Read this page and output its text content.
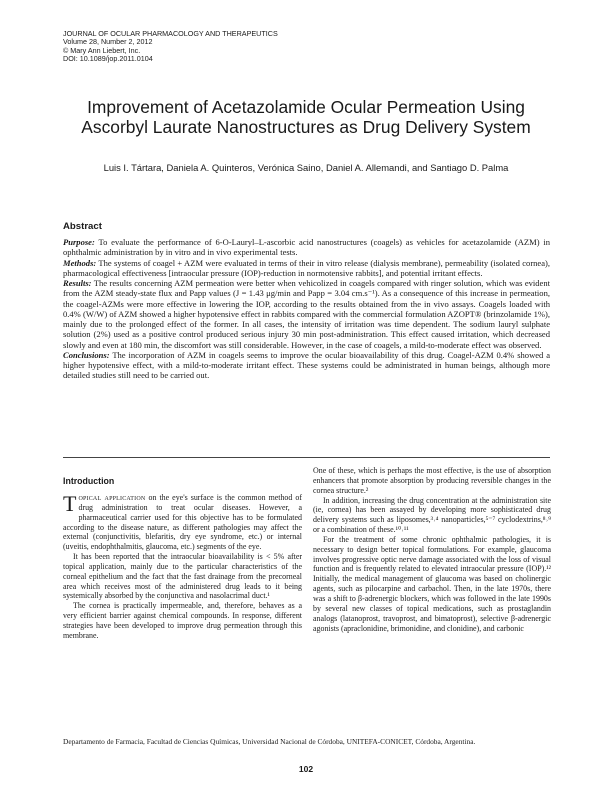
JOURNAL OF OCULAR PHARMACOLOGY AND THERAPEUTICS
Volume 28, Number 2, 2012
© Mary Ann Liebert, Inc.
DOI: 10.1089/jop.2011.0104
Improvement of Acetazolamide Ocular Permeation Using
Ascorbyl Laurate Nanostructures as Drug Delivery System
Luis I. Tártara, Daniela A. Quinteros, Verónica Saino, Daniel A. Allemandi, and Santiago D. Palma
Abstract

Purpose: To evaluate the performance of 6-O-Lauryl–L-ascorbic acid nanostructures (coagels) as vehicles for acetazolamide (AZM) in ophthalmic administration by in vitro and in vivo experimental tests.

Methods: The systems of coagel + AZM were evaluated in terms of their in vitro release (dialysis membrane), permeability (isolated cornea), pharmacological effectiveness [intraocular pressure (IOP)-reduction in normotensive rabbits], and potential irritant effects.

Results: The results concerning AZM permeation were better when vehicolized in coagels compared with ringer solution, which was evident from the AZM steady-state flux and Papp values (J = 1.43 μg/min and Papp = 3.04 cm.s⁻¹). As a consequence of this increase in permeation, the coagel-AZMs were more effective in lowering the IOP, according to the results obtained from the in vivo assays. Coagels loaded with 0.4% (W/W) of AZM showed a higher hypotensive effect in rabbits compared with the commercial formulation AZOPT® (brinzolamide 1%), mainly due to the prolonged effect of the former. In all cases, the intensity of irritation was time dependent. The sodium lauryl sulphate solution (2%) used as a positive control produced serious injury 30 min post-administration. This effect caused irritation, which decreased slowly and even at 180 min, the discomfort was still considerable. However, in the case of coagels, a mild-to-moderate effect was observed.

Conclusions: The incorporation of AZM in coagels seems to improve the ocular bioavailability of this drug. Coagel-AZM 0.4% showed a higher hypotensive effect, with a mild-to-moderate irritant effect. These systems could be administrated in human beings, although more detailed studies still need to be carried out.

Introduction

Topical application on the eye's surface is the common method of drug administration to treat ocular diseases. However, a pharmaceutical carrier used for this objective has to be formulated according to the disease nature, as different pathologies may affect the external (conjunctivitis, blefaritis, dry eye syndrome, etc.) or internal (uveitis, endophthalmitis, glaucoma, etc.) segments of the eye.

It has been reported that the intraocular bioavailability is < 5% after topical application, mainly due to the particular characteristics of the corneal epithelium and the fact that the fast drainage from the precorneal area which receives most of the administered drug leads to it being systemically absorbed by the conjunctiva and nasolacrimal duct.¹

The cornea is practically impermeable, and, therefore, behaves as a very efficient barrier against chemical compounds. In response, different strategies have been developed to improve drug permeation through this membrane.

One of these, which is perhaps the most effective, is the use of absorption enhancers that promote absorption by producing reversible changes in the cornea structure.²

In addition, increasing the drug concentration at the administration site (ie, cornea) has been assayed by developing more sophisticated drug delivery systems such as liposomes,³˒⁴ nanoparticles,⁵⁻⁷ cyclodextrins,⁸˒⁹ or a combination of these.¹⁰˒¹¹

For the treatment of some chronic ophthalmic pathologies, it is necessary to design better topical formulations. For example, glaucoma involves progressive optic nerve damage associated with the loss of visual function and is frequently related to elevated intraocular pressure (IOP).¹² Initially, the medical management of glaucoma was based on cholinergic agents, such as pilocarpine and carbachol. Then, in the late 1970s, there was a shift to β-adrenergic blockers, which was followed in the late 1990s by several new classes of topical medications, such as prostaglandin analogs (latanoprost, travoprost, and bimatoprost), selective β-adrenergic agonists (apraclonidine, brimonidine, and clonidine), and carbonic

Departamento de Farmacia, Facultad de Ciencias Químicas, Universidad Nacional de Córdoba, UNITEFA-CONICET, Córdoba, Argentina.
102
